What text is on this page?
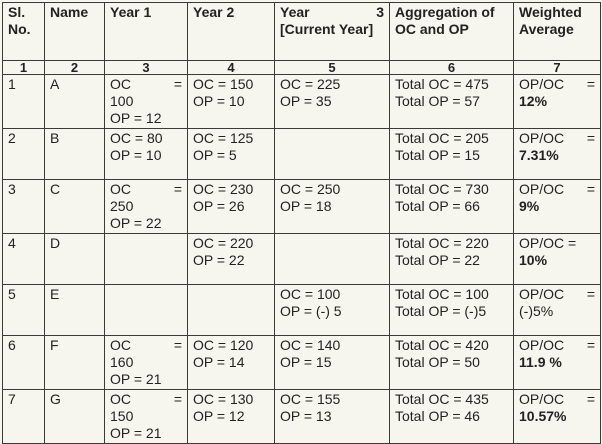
Sl. No.	Name	Year 1	Year 2	Year 3
[Current Year]	Aggregation of OC and OP	Weighted Average
1	2	3	4	5	6	7

1	A	OC =
100
OP = 12	OC = 150
OP = 10	OC = 225
OP = 35	Total OC = 475
Total OP = 57	OP/OC =
12%

2	B	OC = 80
OP = 10	OC = 125
OP = 5		Total OC = 205
Total OP = 15	OP/OC =
7.31%

3	C	OC =
250
OP = 22	OC = 230
OP = 26	OC = 250
OP = 18	Total OC = 730
Total OP = 66	OP/OC =
9%

4	D		OC = 220
OP = 22		Total OC = 220
Total OP = 22	OP/OC =
10%

5	E			OC = 100
OP = (-) 5	Total OC = 100
Total OP = (-)5	OP/OC =
(-)5%

6	F	OC =
160
OP = 21	OC = 120
OP = 14	OC = 140
OP = 15	Total OC = 420
Total OP = 50	OP/OC =
11.9 %

7	G	OC =
150
OP = 21	OC = 130
OP = 12	OC = 155
OP = 13	Total OC = 435
Total OP = 46	OP/OC =
10.57%
